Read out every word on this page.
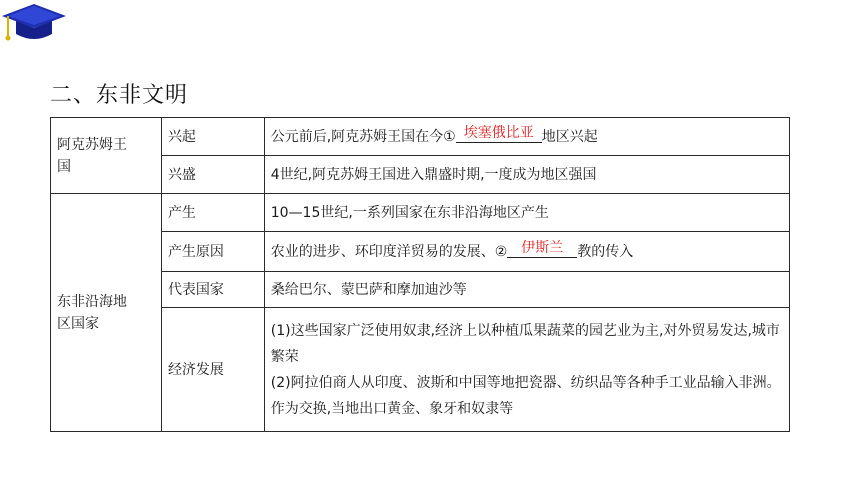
二、东非文明
阿克苏姆王国	兴起	公元前后,阿克苏姆王国在今① 埃塞俄比亚 地区兴起
	兴盛	4世纪,阿克苏姆王国进入鼎盛时期,一度成为地区强国
东非沿海地区国家	产生	10—15世纪,一系列国家在东非沿海地区产生
	产生原因	农业的进步、环印度洋贸易的发展、② 伊斯兰 教的传入
	代表国家	桑给巴尔、蒙巴萨和摩加迪沙等
	经济发展	(1)这些国家广泛使用奴隶,经济上以种植瓜果蔬菜的园艺业为主,对外贸易发达,城市繁荣
(2)阿拉伯商人从印度、波斯和中国等地把瓷器、纺织品等各种手工业品输入非洲。作为交换,当地出口黄金、象牙和奴隶等
